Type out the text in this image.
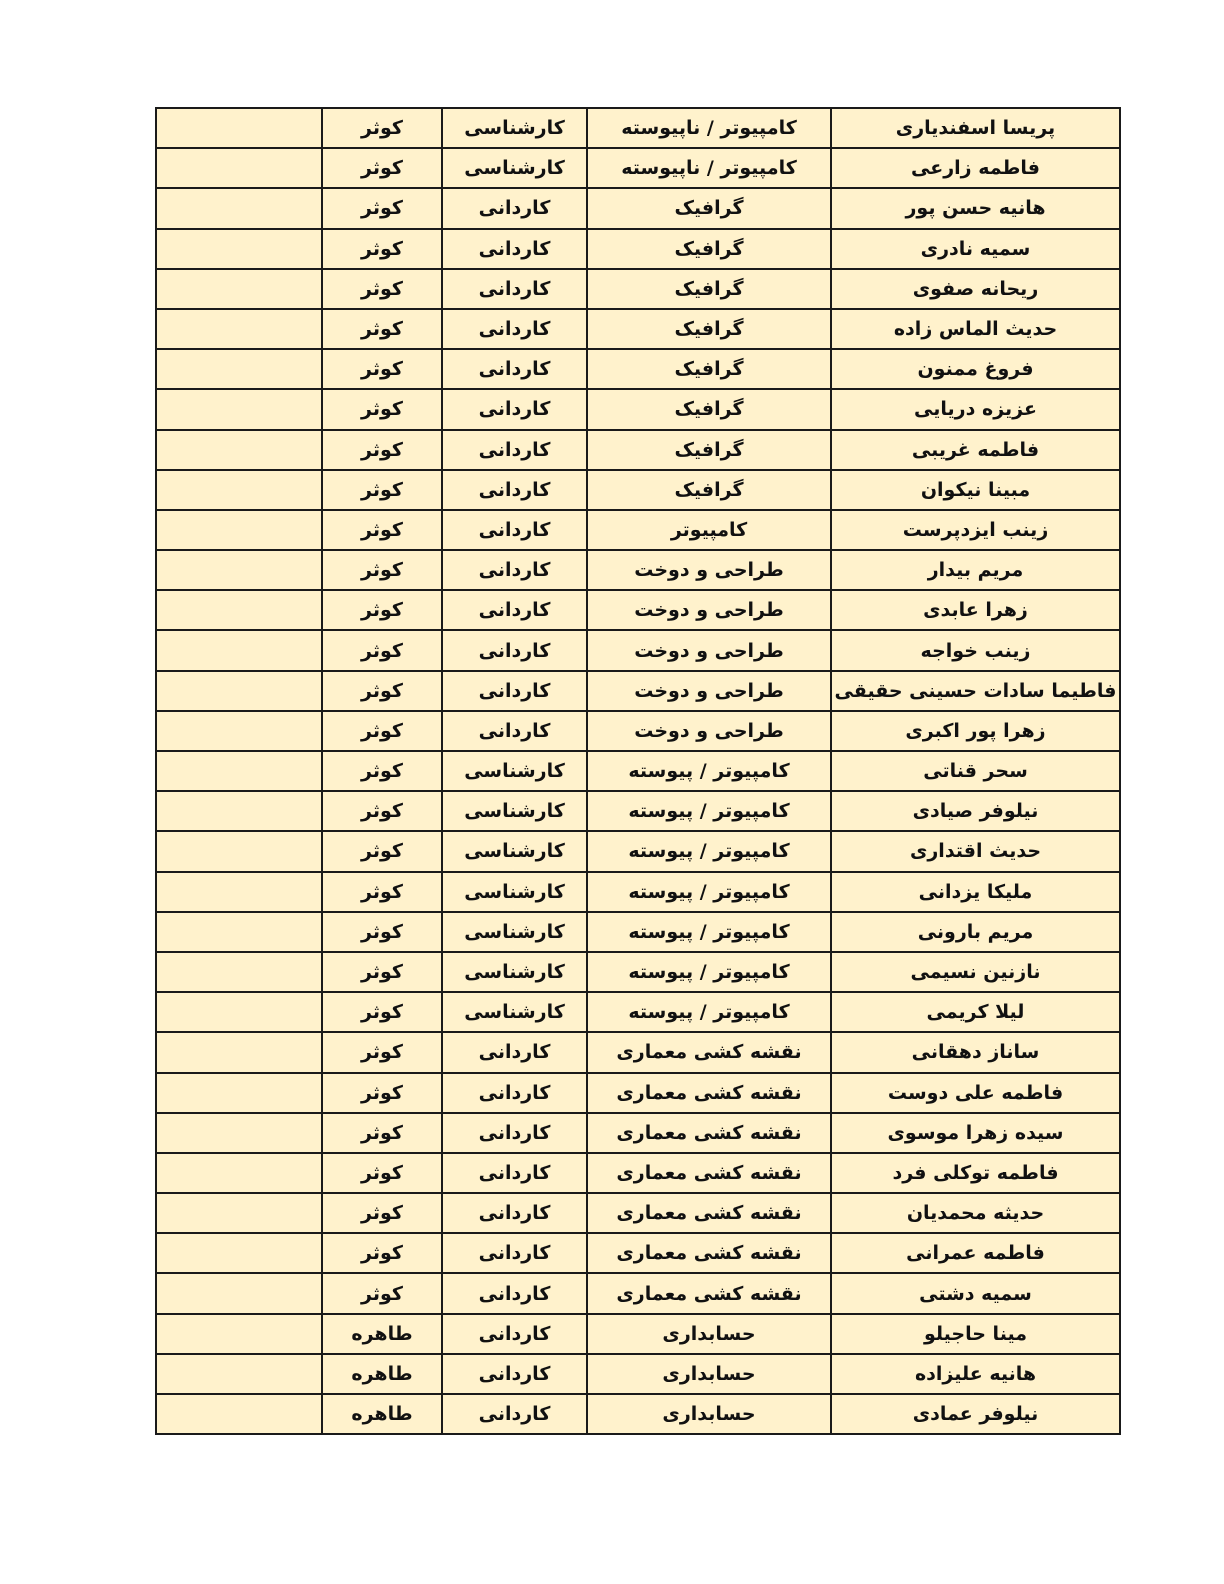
پریسا اسفندیاری	کامپیوتر / ناپیوسته	کارشناسی	کوثر	
فاطمه زارعی	کامپیوتر / ناپیوسته	کارشناسی	کوثر	
هانیه حسن پور	گرافیک	کاردانی	کوثر	
سمیه نادری	گرافیک	کاردانی	کوثر	
ریحانه صفوی	گرافیک	کاردانی	کوثر	
حدیث الماس زاده	گرافیک	کاردانی	کوثر	
فروغ ممنون	گرافیک	کاردانی	کوثر	
عزیزه دریایی	گرافیک	کاردانی	کوثر	
فاطمه غریبی	گرافیک	کاردانی	کوثر	
مبینا نیکوان	گرافیک	کاردانی	کوثر	
زینب ایزدپرست	کامپیوتر	کاردانی	کوثر	
مریم بیدار	طراحی و دوخت	کاردانی	کوثر	
زهرا عابدی	طراحی و دوخت	کاردانی	کوثر	
زینب خواجه	طراحی و دوخت	کاردانی	کوثر	
فاطیما سادات حسینی حقیقی	طراحی و دوخت	کاردانی	کوثر	
زهرا پور اکبری	طراحی و دوخت	کاردانی	کوثر	
سحر قناتی	کامپیوتر / پیوسته	کارشناسی	کوثر	
نیلوفر صیادی	کامپیوتر / پیوسته	کارشناسی	کوثر	
حدیث اقتداری	کامپیوتر / پیوسته	کارشناسی	کوثر	
ملیکا یزدانی	کامپیوتر / پیوسته	کارشناسی	کوثر	
مریم بارونی	کامپیوتر / پیوسته	کارشناسی	کوثر	
نازنین نسیمی	کامپیوتر / پیوسته	کارشناسی	کوثر	
لیلا کریمی	کامپیوتر / پیوسته	کارشناسی	کوثر	
ساناز دهقانی	نقشه کشی معماری	کاردانی	کوثر	
فاطمه علی دوست	نقشه کشی معماری	کاردانی	کوثر	
سیده زهرا موسوی	نقشه کشی معماری	کاردانی	کوثر	
فاطمه توکلی فرد	نقشه کشی معماری	کاردانی	کوثر	
حدیثه محمدیان	نقشه کشی معماری	کاردانی	کوثر	
فاطمه عمرانی	نقشه کشی معماری	کاردانی	کوثر	
سمیه دشتی	نقشه کشی معماری	کاردانی	کوثر	
مینا حاجیلو	حسابداری	کاردانی	طاهره	
هانیه علیزاده	حسابداری	کاردانی	طاهره	
نیلوفر عمادی	حسابداری	کاردانی	طاهره	
